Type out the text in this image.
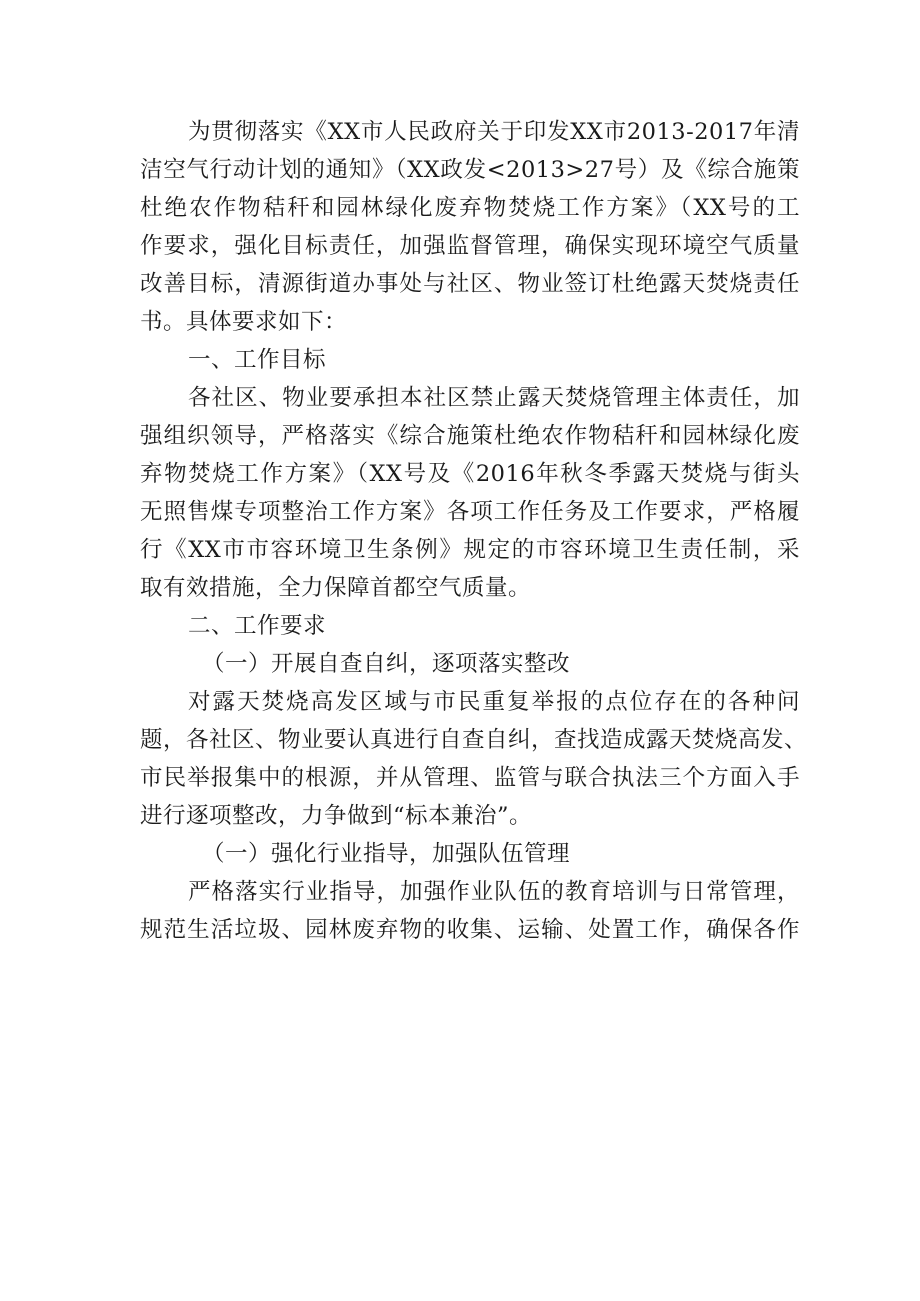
为贯彻落实《XX市人民政府关于印发XX市2013-2017年清
洁空气行动计划的通知》（XX政发<2013>27号）及《综合施策
杜绝农作物秸秆和园林绿化废弃物焚烧工作方案》（XX号的工
作要求，强化目标责任，加强监督管理，确保实现环境空气质量
改善目标，清源街道办事处与社区、物业签订杜绝露天焚烧责任
书。具体要求如下：
一、工作目标
各社区、物业要承担本社区禁止露天焚烧管理主体责任，加
强组织领导，严格落实《综合施策杜绝农作物秸秆和园林绿化废
弃物焚烧工作方案》（XX号及《2016年秋冬季露天焚烧与街头
无照售煤专项整治工作方案》各项工作任务及工作要求，严格履
行《XX市市容环境卫生条例》规定的市容环境卫生责任制，采
取有效措施，全力保障首都空气质量。
二、工作要求
（一）开展自查自纠，逐项落实整改
对露天焚烧高发区域与市民重复举报的点位存在的各种问
题，各社区、物业要认真进行自查自纠，查找造成露天焚烧高发、
市民举报集中的根源，并从管理、监管与联合执法三个方面入手
进行逐项整改，力争做到“标本兼治”。
（一）强化行业指导，加强队伍管理
严格落实行业指导，加强作业队伍的教育培训与日常管理，
规范生活垃圾、园林废弃物的收集、运输、处置工作，确保各作
